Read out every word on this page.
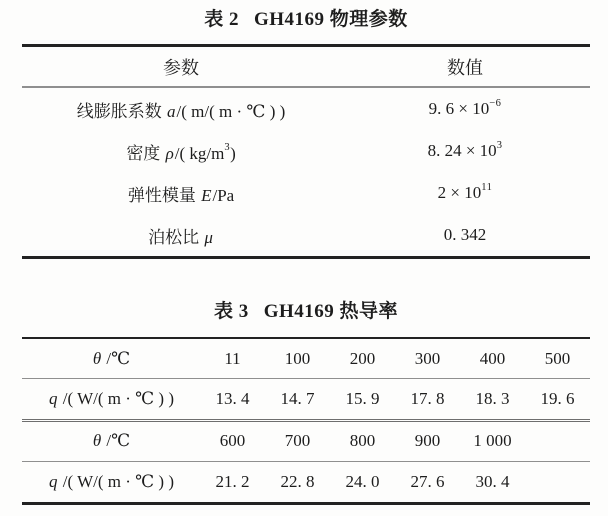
表 2 GH4169 物理参数
参数	数值
线膨胀系数 a/( m/( m · ℃ ) )	9. $6 \times 10^{-6}$
密度 ρ/( $kg/m^3$)	8. $24 \times 10^3$
弹性模量 E/Pa	$2 \times 10^{11}$
泊松比 μ	0. 342
表 3 GH4169 热导率
θ /℃	11	100	200	300	400	500
q /( W/( m · ℃ ) )	13. 4	14. 7	15. 9	17. 8	18. 3	19. 6
θ /℃	600	700	800	900	1 000
q /( W/( m · ℃ ) )	21. 2	22. 8	24. 0	27. 6	30. 4
